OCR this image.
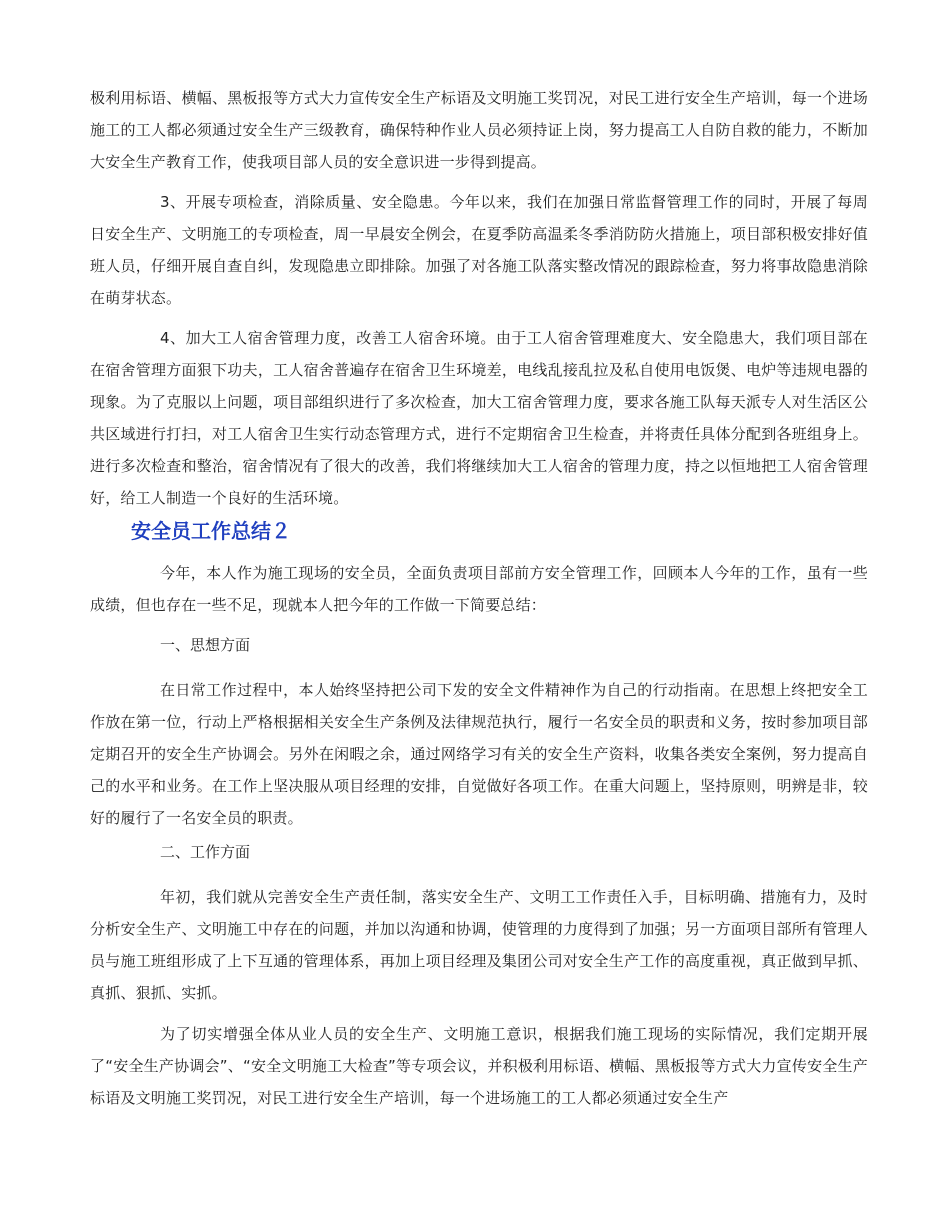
极利用标语、横幅、黑板报等方式大力宣传安全生产标语及文明施工奖罚况，对民工进行安全生产培训，每一个进场施工的工人都必须通过安全生产三级教育，确保特种作业人员必须持证上岗，努力提高工人自防自救的能力，不断加大安全生产教育工作，使我项目部人员的安全意识进一步得到提高。

3、开展专项检查，消除质量、安全隐患。今年以来，我们在加强日常监督管理工作的同时，开展了每周日安全生产、文明施工的专项检查，周一早晨安全例会，在夏季防高温柔冬季消防防火措施上，项目部积极安排好值班人员，仔细开展自查自纠，发现隐患立即排除。加强了对各施工队落实整改情况的跟踪检查，努力将事故隐患消除在萌芽状态。

4、加大工人宿舍管理力度，改善工人宿舍环境。由于工人宿舍管理难度大、安全隐患大，我们项目部在在宿舍管理方面狠下功夫，工人宿舍普遍存在宿舍卫生环境差，电线乱接乱拉及私自使用电饭煲、电炉等违规电器的现象。为了克服以上问题，项目部组织进行了多次检查，加大工宿舍管理力度，要求各施工队每天派专人对生活区公共区域进行打扫，对工人宿舍卫生实行动态管理方式，进行不定期宿舍卫生检查，并将责任具体分配到各班组身上。进行多次检查和整治，宿舍情况有了很大的改善，我们将继续加大工人宿舍的管理力度，持之以恒地把工人宿舍管理好，给工人制造一个良好的生活环境。

安全员工作总结２

今年，本人作为施工现场的安全员，全面负责项目部前方安全管理工作，回顾本人今年的工作，虽有一些成绩，但也存在一些不足，现就本人把今年的工作做一下简要总结：

一、思想方面

在日常工作过程中，本人始终坚持把公司下发的安全文件精神作为自己的行动指南。在思想上终把安全工作放在第一位，行动上严格根据相关安全生产条例及法律规范执行，履行一名安全员的职责和义务，按时参加项目部定期召开的安全生产协调会。另外在闲暇之余，通过网络学习有关的安全生产资料，收集各类安全案例，努力提高自己的水平和业务。在工作上坚决服从项目经理的安排，自觉做好各项工作。在重大问题上，坚持原则，明辨是非，较好的履行了一名安全员的职责。

二、工作方面

年初，我们就从完善安全生产责任制，落实安全生产、文明工工作责任入手，目标明确、措施有力，及时分析安全生产、文明施工中存在的问题，并加以沟通和协调，使管理的力度得到了加强；另一方面项目部所有管理人员与施工班组形成了上下互通的管理体系，再加上项目经理及集团公司对安全生产工作的高度重视，真正做到早抓、真抓、狠抓、实抓。

为了切实增强全体从业人员的安全生产、文明施工意识，根据我们施工现场的实际情况，我们定期开展了“安全生产协调会”、“安全文明施工大检查”等专项会议，并积极利用标语、横幅、黑板报等方式大力宣传安全生产标语及文明施工奖罚况，对民工进行安全生产培训，每一个进场施工的工人都必须通过安全生产
